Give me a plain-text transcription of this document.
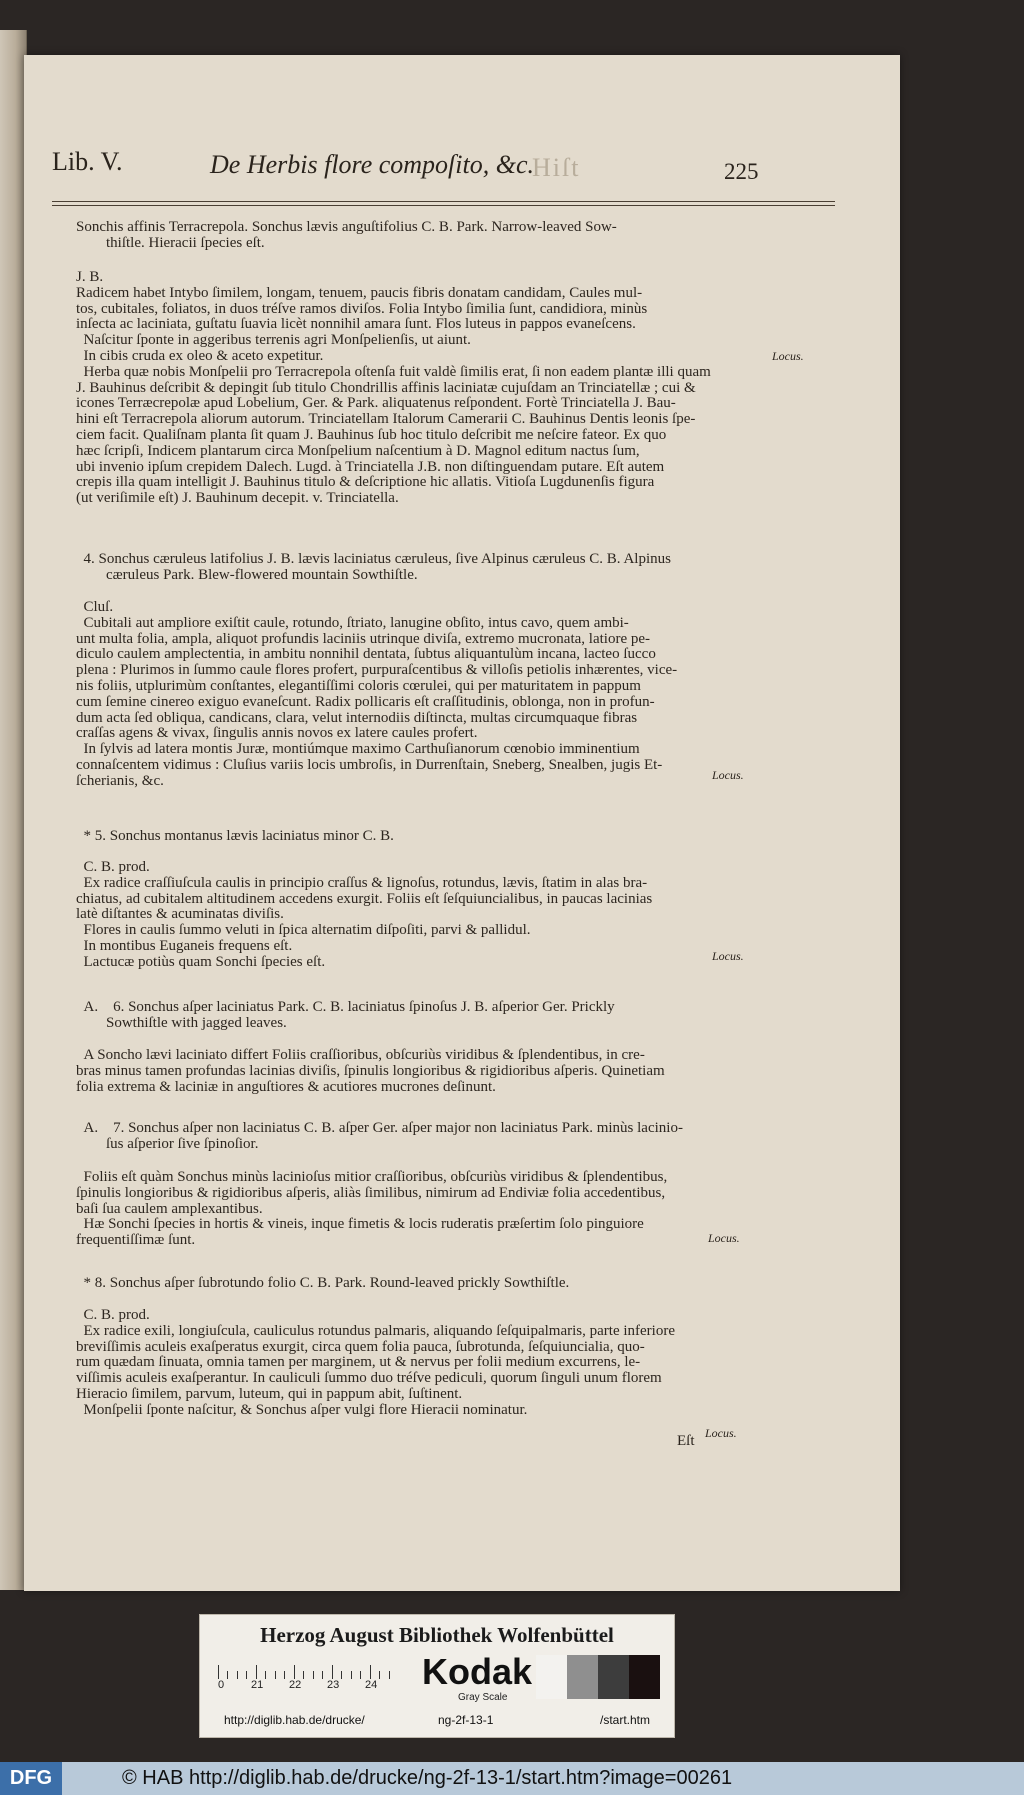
Hiſt
Lib. V.	De Herbis flore compoſito, &c.	225
Sonchis affinis Terracrepola. Sonchus lævis anguſtifolius C. B. Park. Narrow-leaved Sow-
thiſtle. Hieracii ſpecies eſt.
J. B.
Radicem habet Intybo ſimilem, longam, tenuem, paucis fibris donatam candidam, Caules mul-
tos, cubitales, foliatos, in duos tréſve ramos diviſos. Folia Intybo ſimilia ſunt, candidiora, minùs
inſecta ac laciniata, guſtatu ſuavia licèt nonnihil amara ſunt. Flos luteus in pappos evaneſcens.
Naſcitur ſponte in aggeribus terrenis agri Monſpelienſis, ut aiunt.
In cibis cruda ex oleo & aceto expetitur.
Herba quæ nobis Monſpelii pro Terracrepola oſtenſa fuit valdè ſimilis erat, ſi non eadem plantæ illi quam
J. Bauhinus deſcribit & depingit ſub titulo Chondrillis affinis laciniatæ cujuſdam an Trinciatellæ ; cui &
icones Terræcrepolæ apud Lobelium, Ger. & Park. aliquatenus reſpondent. Fortè Trinciatella J. Bau-
hini eſt Terracrepola aliorum autorum. Trinciatellam Italorum Camerarii C. Bauhinus Dentis leonis ſpe-
ciem facit. Qualiſnam planta ſit quam J. Bauhinus ſub hoc titulo deſcribit me neſcire fateor. Ex quo
hæc ſcripſi, Indicem plantarum circa Monſpelium naſcentium à D. Magnol editum nactus ſum,
ubi invenio ipſum crepidem Dalech. Lugd. à Trinciatella J.B. non diſtinguendam putare. Eſt autem
crepis illa quam intelligit J. Bauhinus titulo & deſcriptione hic allatis. Vitioſa Lugdunenſis figura
(ut veriſimile eſt) J. Bauhinum decepit. v. Trinciatella.
4. Sonchus cæruleus latifolius J. B. lævis laciniatus cæruleus, ſive Alpinus cæruleus C. B. Alpinus
cæruleus Park. Blew-flowered mountain Sowthiſtle.
Cluſ.
Cubitali aut ampliore exiſtit caule, rotundo, ſtriato, lanugine obſito, intus cavo, quem ambi-
unt multa folia, ampla, aliquot profundis laciniis utrinque diviſa, extremo mucronata, latiore pe-
diculo caulem amplectentia, in ambitu nonnihil dentata, ſubtus aliquantulùm incana, lacteo ſucco
plena : Plurimos in ſummo caule flores profert, purpuraſcentibus & villoſis petiolis inhærentes, vice-
nis foliis, utplurimùm conſtantes, elegantiſſimi coloris cœrulei, qui per maturitatem in pappum
cum ſemine cinereo exiguo evaneſcunt. Radix pollicaris eſt craſſitudinis, oblonga, non in profun-
dum acta ſed obliqua, candicans, clara, velut internodiis diſtincta, multas circumquaque fibras
craſſas agens & vivax, ſingulis annis novos ex latere caules profert.
In ſylvis ad latera montis Juræ, montiúmque maximo Carthuſianorum cœnobio imminentium
connaſcentem vidimus : Cluſius variis locis umbroſis, in Durrenſtain, Sneberg, Snealben, jugis Et-
ſcherianis, &c.
* 5. Sonchus montanus lævis laciniatus minor C. B.
C. B. prod.
Ex radice craſſiuſcula caulis in principio craſſus & lignoſus, rotundus, lævis, ſtatim in alas bra-
chiatus, ad cubitalem altitudinem accedens exurgit. Foliis eſt ſeſquiuncialibus, in paucas lacinias
latè diſtantes & acuminatas diviſis.
Flores in caulis ſummo veluti in ſpica alternatim diſpoſiti, parvi & pallidul.
In montibus Euganeis frequens eſt.
Lactucæ potiùs quam Sonchi ſpecies eſt.
A.    6. Sonchus aſper laciniatus Park. C. B. laciniatus ſpinoſus J. B. aſperior Ger. Prickly
Sowthiſtle with jagged leaves.
A Soncho lævi laciniato differt Foliis craſſioribus, obſcuriùs viridibus & ſplendentibus, in cre-
bras minus tamen profundas lacinias diviſis, ſpinulis longioribus & rigidioribus aſperis. Quinetiam
folia extrema & laciniæ in anguſtiores & acutiores mucrones deſinunt.
A.    7. Sonchus aſper non laciniatus C. B. aſper Ger. aſper major non laciniatus Park. minùs lacinio-
ſus aſperior ſive ſpinoſior.
Foliis eſt quàm Sonchus minùs lacinioſus mitior craſſioribus, obſcuriùs viridibus & ſplendentibus,
ſpinulis longioribus & rigidioribus aſperis, aliàs ſimilibus, nimirum ad Endiviæ folia accedentibus,
baſi ſua caulem amplexantibus.
Hæ Sonchi ſpecies in hortis & vineis, inque fimetis & locis ruderatis præſertim ſolo pinguiore
frequentiſſimæ ſunt.
* 8. Sonchus aſper ſubrotundo folio C. B. Park. Round-leaved prickly Sowthiſtle.
C. B. prod.
Ex radice exili, longiuſcula, cauliculus rotundus palmaris, aliquando ſeſquipalmaris, parte inferiore
breviſſimis aculeis exaſperatus exurgit, circa quem folia pauca, ſubrotunda, ſeſquiuncialia, quo-
rum quædam ſinuata, omnia tamen per marginem, ut & nervus per folii medium excurrens, le-
viſſimis aculeis exaſperantur. In cauliculi ſummo duo tréſve pediculi, quorum ſinguli unum florem
Hieracio ſimilem, parvum, luteum, qui in pappum abit, ſuſtinent.
Monſpelii ſponte naſcitur, & Sonchus aſper vulgi flore Hieracii nominatur.
Locus.
Locus.
Locus.
Locus.
Locus.
Eſt
Herzog August Bibliothek Wolfenbüttel
0 21 22 23 24 Kodak
Gray Scale
http://diglib.hab.de/drucke/	ng-2f-13-1	/start.htm
DFG	© HAB http://diglib.hab.de/drucke/ng-2f-13-1/start.htm?image=00261
